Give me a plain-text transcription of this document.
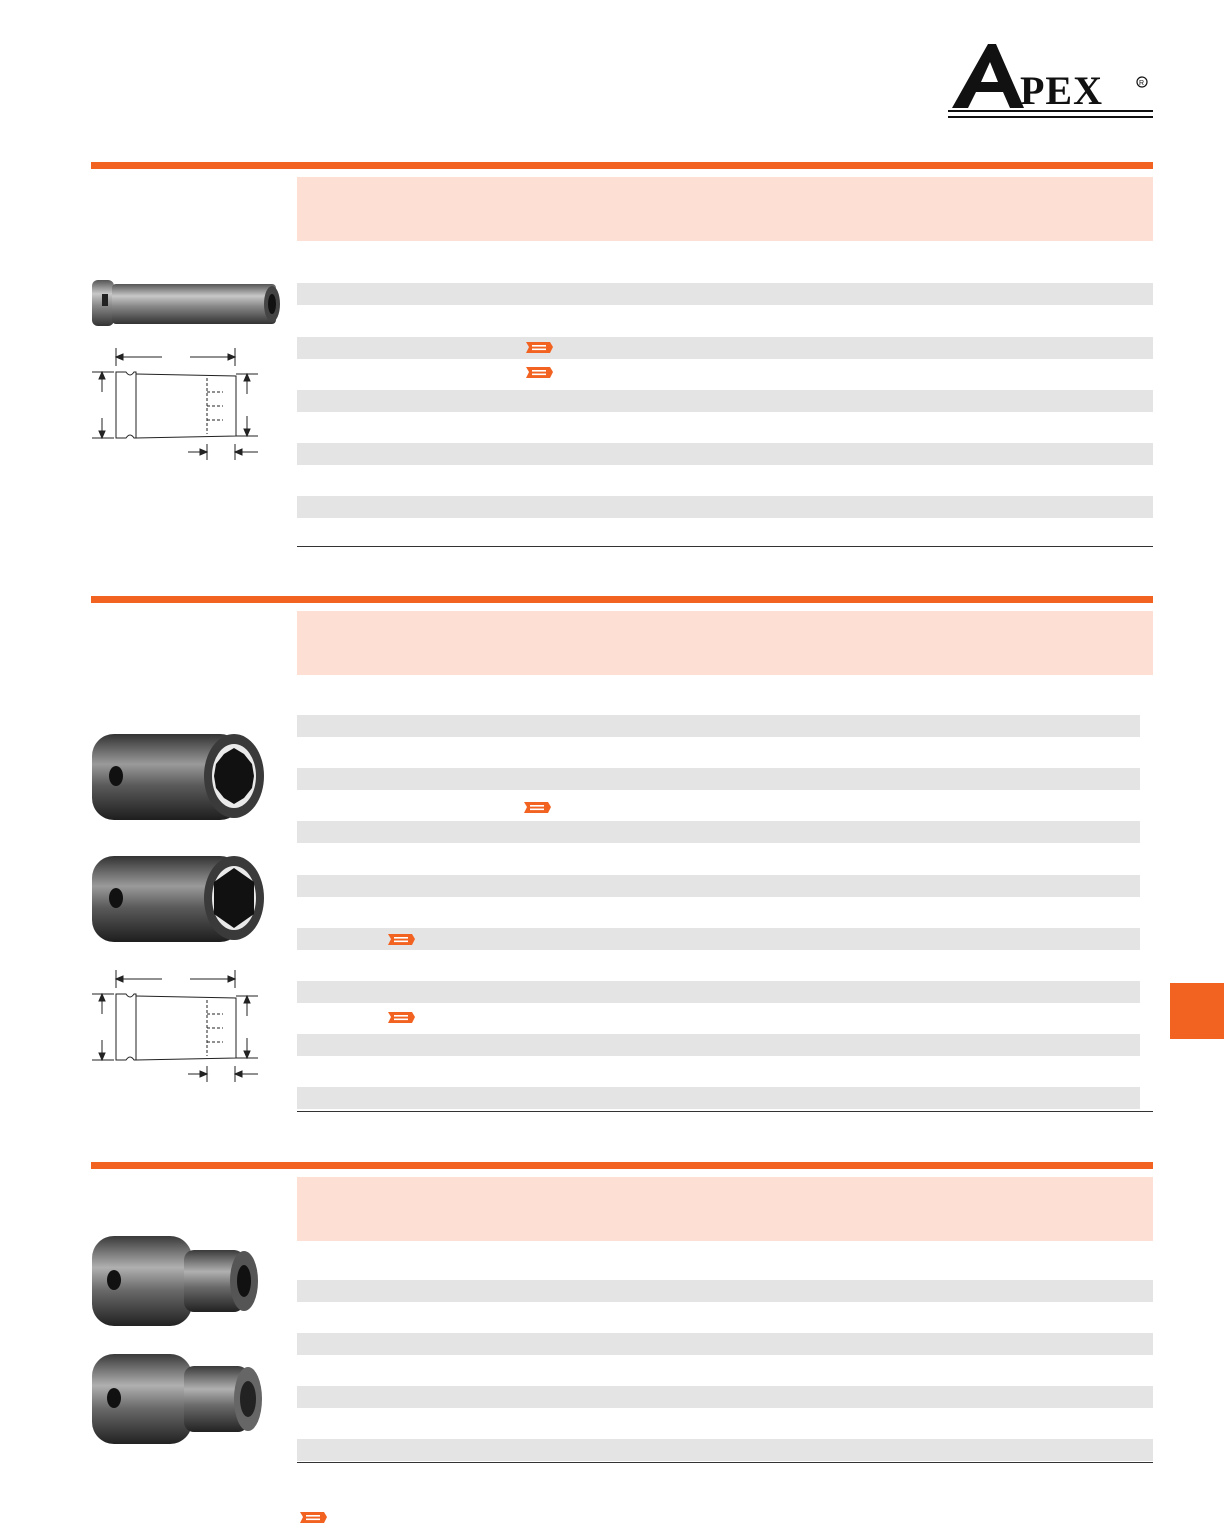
PEX	R
